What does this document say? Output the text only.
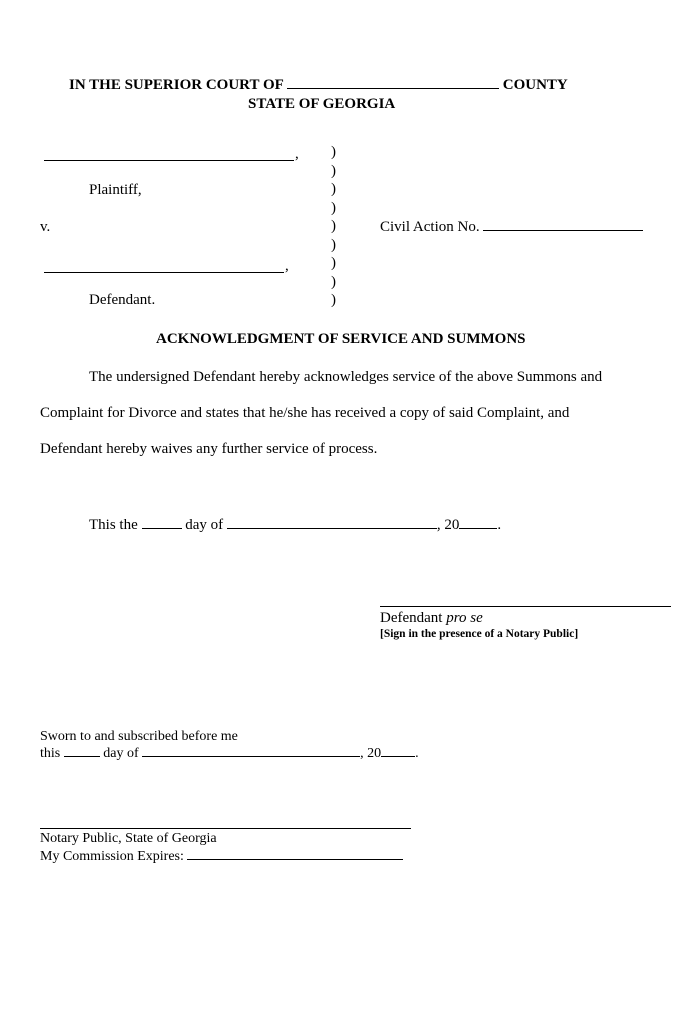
IN THE SUPERIOR COURT OF	COUNTY
STATE OF GEORGIA
,
Plaintiff,
v.
,
Defendant.
)
)
)
)
)
)
)
)
)
Civil Action No.
ACKNOWLEDGMENT OF SERVICE AND SUMMONS
The undersigned Defendant hereby acknowledges service of the above Summons and
Complaint for Divorce and states that he/she has received a copy of said Complaint, and
Defendant hereby waives any further service of process.
This the	day of	, 20	.
Defendant pro se
[Sign in the presence of a Notary Public]
Sworn to and subscribed before me
this	day of	, 20 .
Notary Public, State of Georgia
My Commission Expires:
